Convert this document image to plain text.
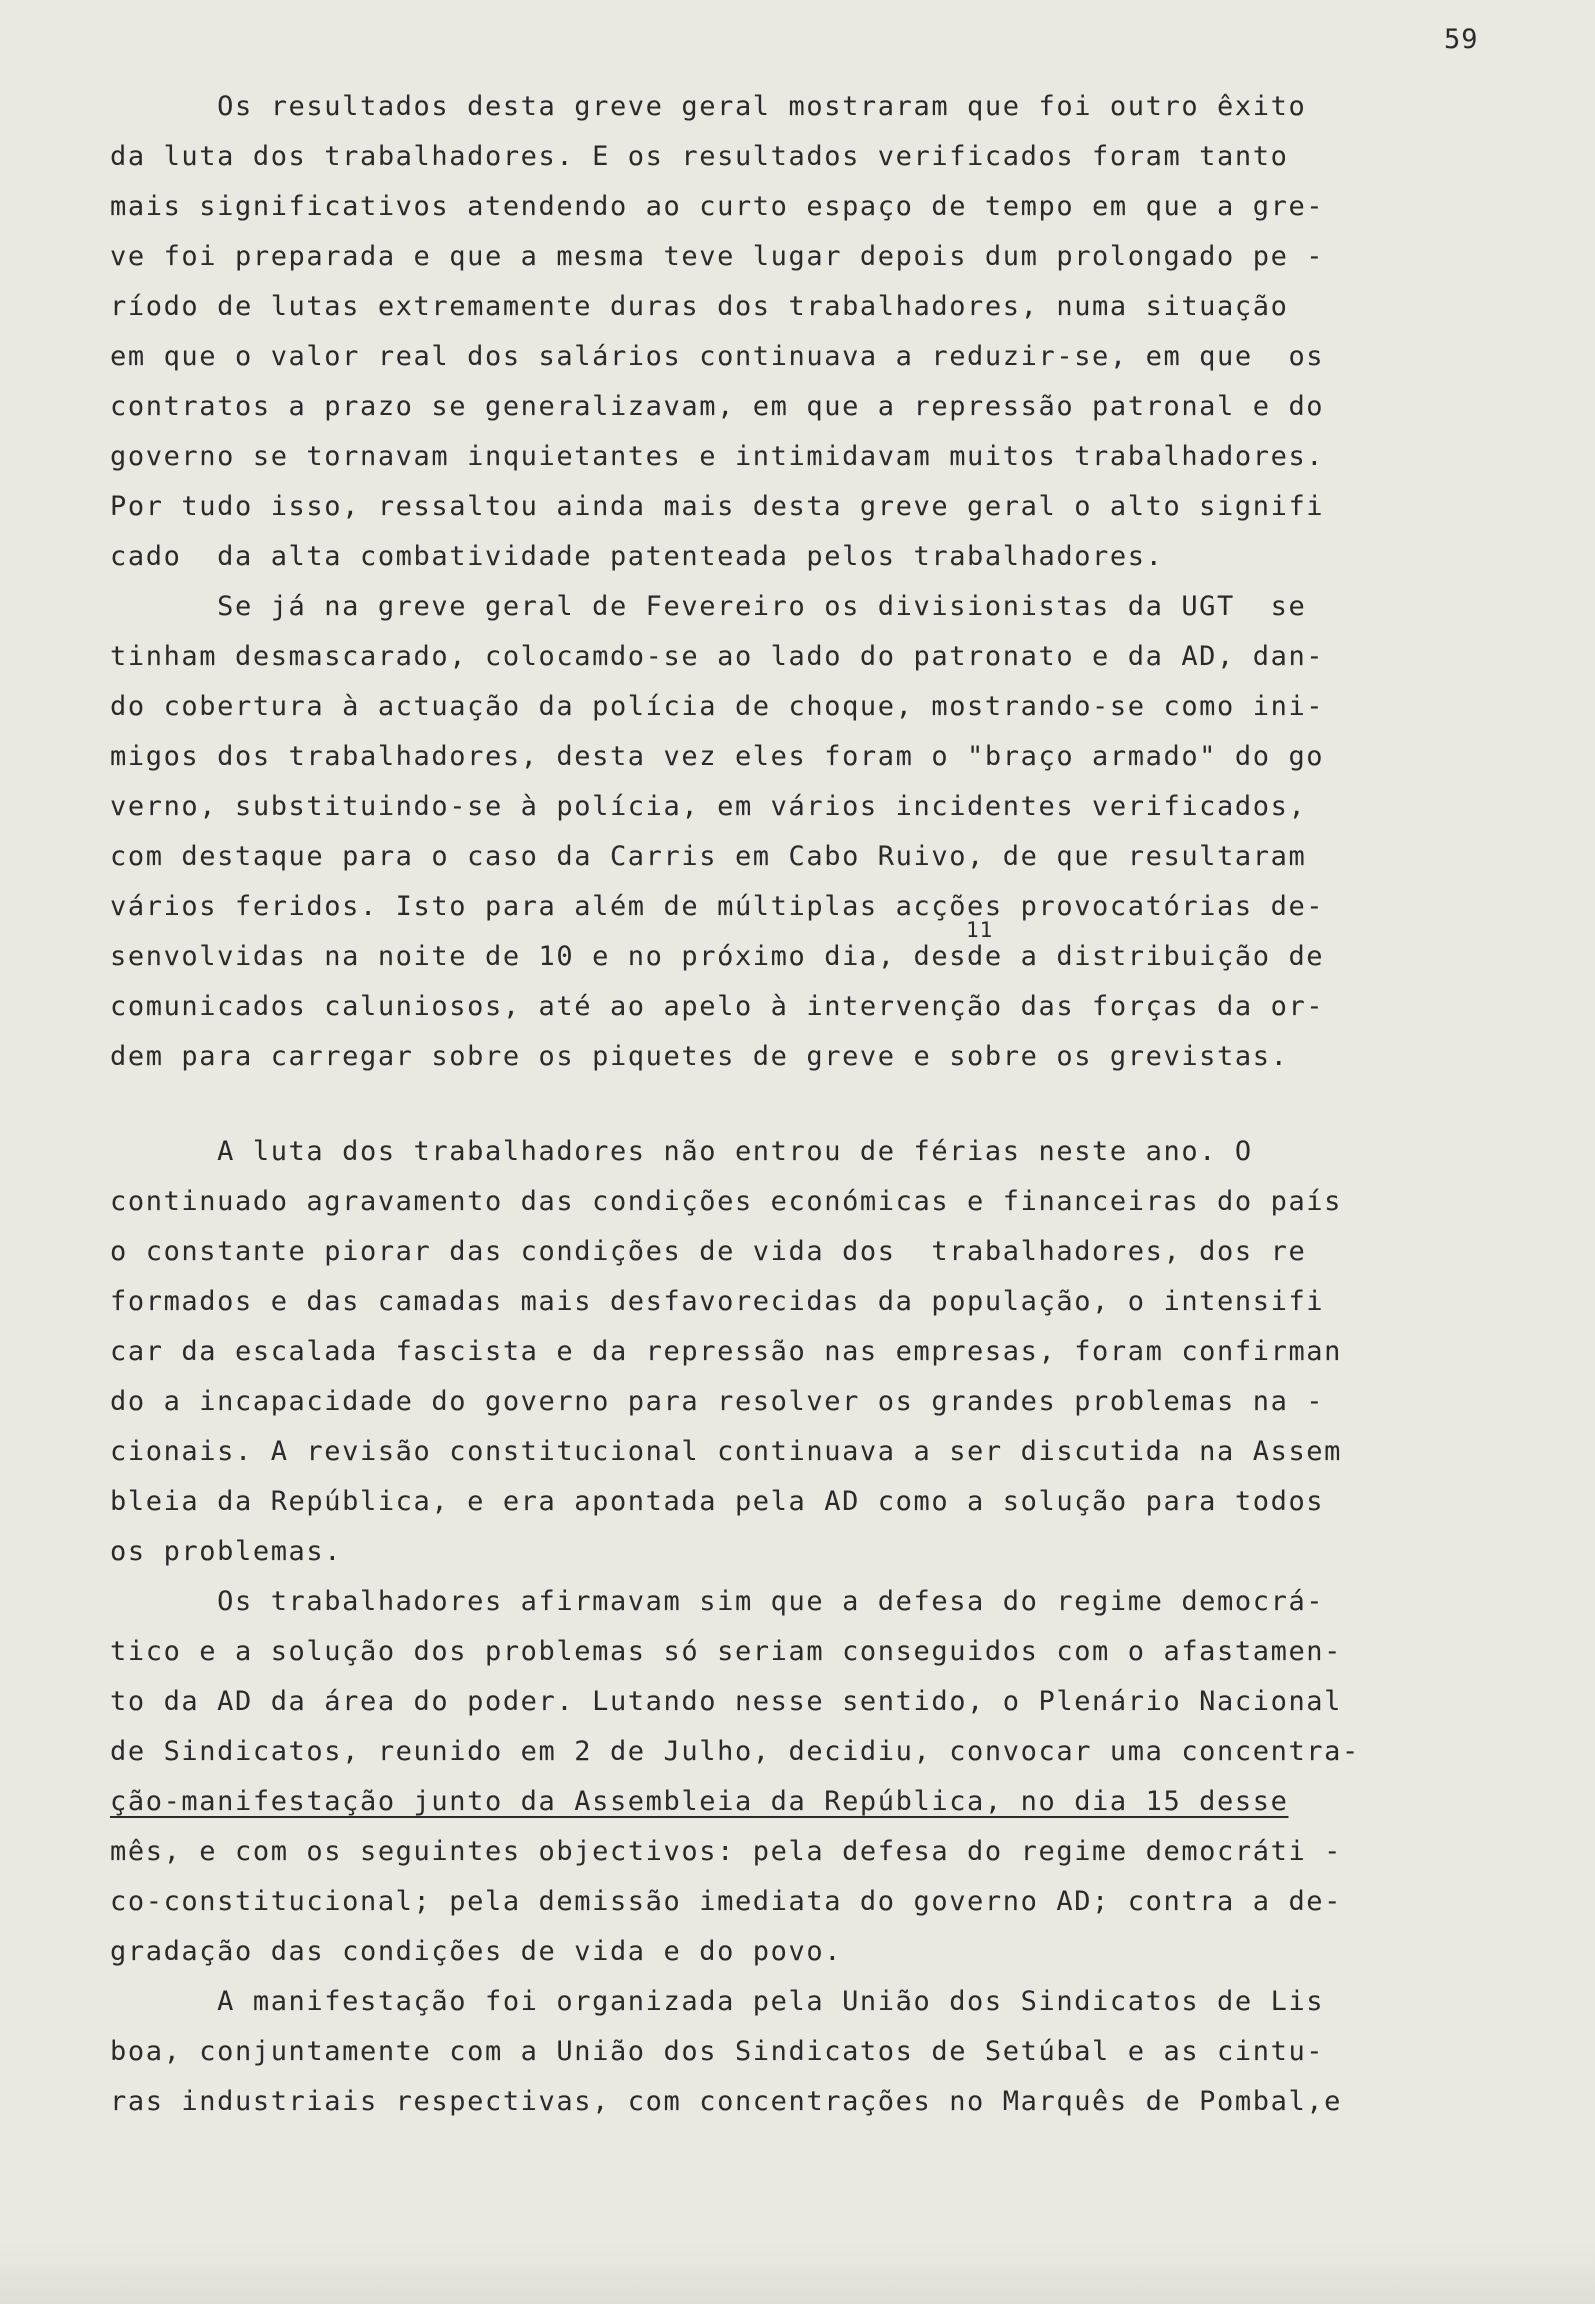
59
Os resultados desta greve geral mostraram que foi outro êxito
da luta dos trabalhadores. E os resultados verificados foram tanto
mais significativos atendendo ao curto espaço de tempo em que a gre-
ve foi preparada e que a mesma teve lugar depois dum prolongado pe -
ríodo de lutas extremamente duras dos trabalhadores, numa situação
em que o valor real dos salários continuava a reduzir-se, em que  os
contratos a prazo se generalizavam, em que a repressão patronal e do
governo se tornavam inquietantes e intimidavam muitos trabalhadores.
Por tudo isso, ressaltou ainda mais desta greve geral o alto signifi
cado  da alta combatividade patenteada pelos trabalhadores.
Se já na greve geral de Fevereiro os divisionistas da UGT  se
tinham desmascarado, colocamdo-se ao lado do patronato e da AD, dan-
do cobertura à actuação da polícia de choque, mostrando-se como ini-
migos dos trabalhadores, desta vez eles foram o "braço armado" do go
verno, substituindo-se à polícia, em vários incidentes verificados,
com destaque para o caso da Carris em Cabo Ruivo, de que resultaram
vários feridos. Isto para além de múltiplas acções provocatórias de-
senvolvidas na noite de 10 e no próximo dia, desde a distribuição de
comunicados caluniosos, até ao apelo à intervenção das forças da or-
dem para carregar sobre os piquetes de greve e sobre os grevistas.
11
A luta dos trabalhadores não entrou de férias neste ano. O
continuado agravamento das condições económicas e financeiras do país
o constante piorar das condições de vida dos  trabalhadores, dos re
formados e das camadas mais desfavorecidas da população, o intensifi
car da escalada fascista e da repressão nas empresas, foram confirman
do a incapacidade do governo para resolver os grandes problemas na -
cionais. A revisão constitucional continuava a ser discutida na Assem
bleia da República, e era apontada pela AD como a solução para todos
os problemas.
Os trabalhadores afirmavam sim que a defesa do regime democrá-
tico e a solução dos problemas só seriam conseguidos com o afastamen-
to da AD da área do poder. Lutando nesse sentido, o Plenário Nacional
de Sindicatos, reunido em 2 de Julho, decidiu, convocar uma concentra-
ção-manifestação junto da Assembleia da República, no dia 15 desse
mês, e com os seguintes objectivos: pela defesa do regime democráti -
co-constitucional; pela demissão imediata do governo AD; contra a de-
gradação das condições de vida e do povo.
A manifestação foi organizada pela União dos Sindicatos de Lis
boa, conjuntamente com a União dos Sindicatos de Setúbal e as cintu-
ras industriais respectivas, com concentrações no Marquês de Pombal,e
